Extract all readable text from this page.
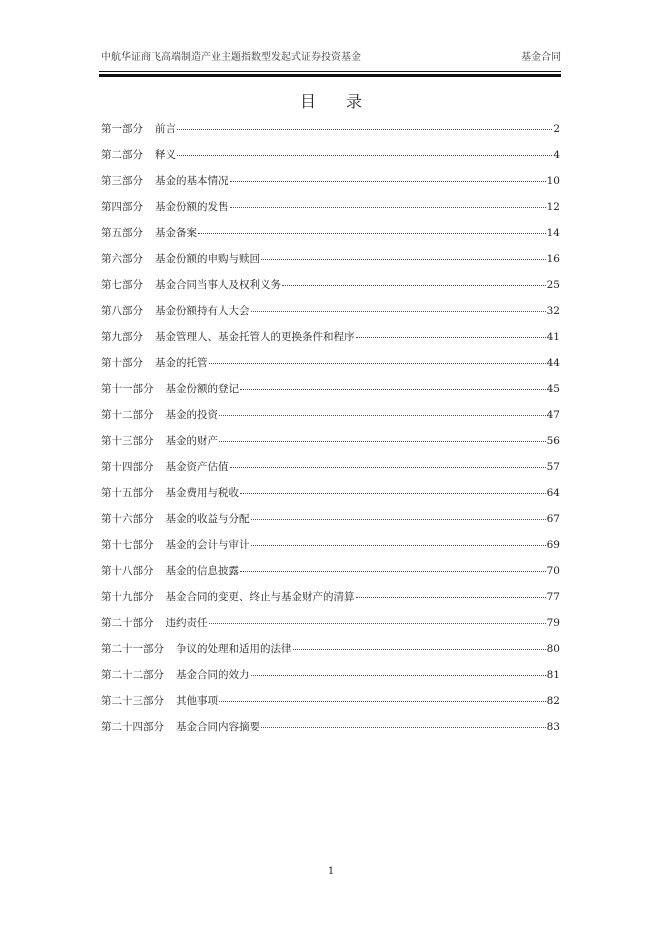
中航华证商飞高端制造产业主题指数型发起式证券投资基金	基金合同
目录
第一部分 前言	2
第二部分 释义	4
第三部分 基金的基本情况	10
第四部分 基金份额的发售	12
第五部分 基金备案	14
第六部分 基金份额的申购与赎回	16
第七部分 基金合同当事人及权利义务	25
第八部分 基金份额持有人大会	32
第九部分 基金管理人、基金托管人的更换条件和程序	41
第十部分 基金的托管	44
第十一部分 基金份额的登记	45
第十二部分 基金的投资	47
第十三部分 基金的财产	56
第十四部分 基金资产估值	57
第十五部分 基金费用与税收	64
第十六部分 基金的收益与分配	67
第十七部分 基金的会计与审计	69
第十八部分 基金的信息披露	70
第十九部分 基金合同的变更、终止与基金财产的清算	77
第二十部分 违约责任	79
第二十一部分 争议的处理和适用的法律	80
第二十二部分 基金合同的效力	81
第二十三部分 其他事项	82
第二十四部分 基金合同内容摘要	83
1
